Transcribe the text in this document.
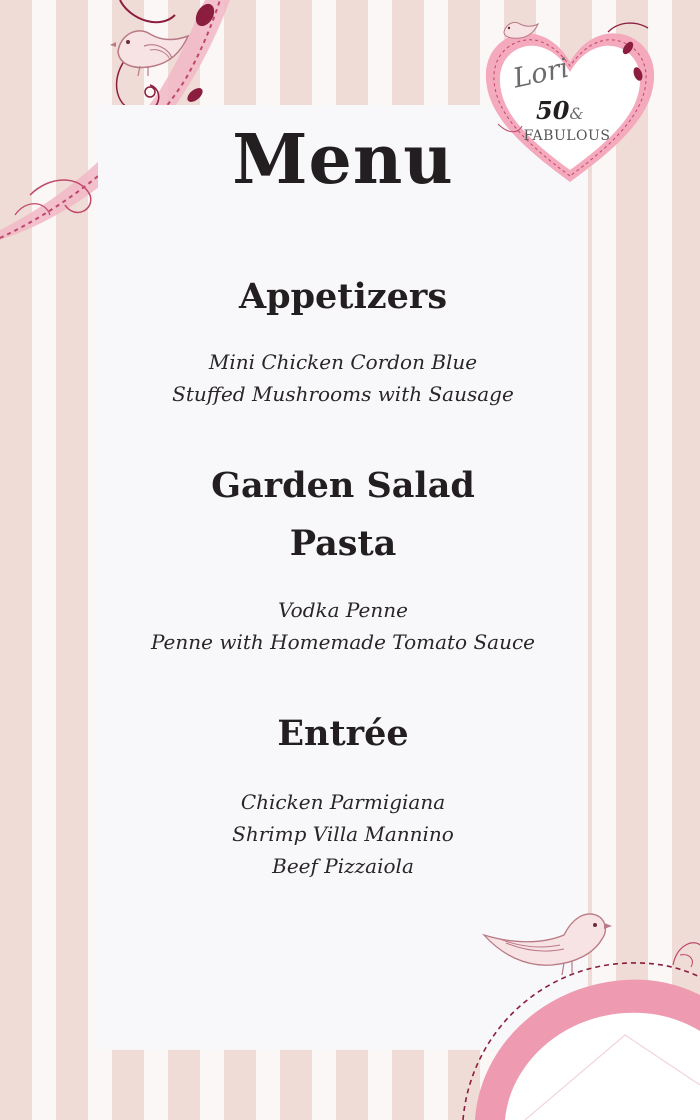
Lori
50&
FABULOUS
Menu
Appetizers
Mini Chicken Cordon Blue
Stuffed Mushrooms with Sausage
Garden Salad
Pasta
Vodka Penne
Penne with Homemade Tomato Sauce
Entrée
Chicken Parmigiana
Shrimp Villa Mannino
Beef Pizzaiola
